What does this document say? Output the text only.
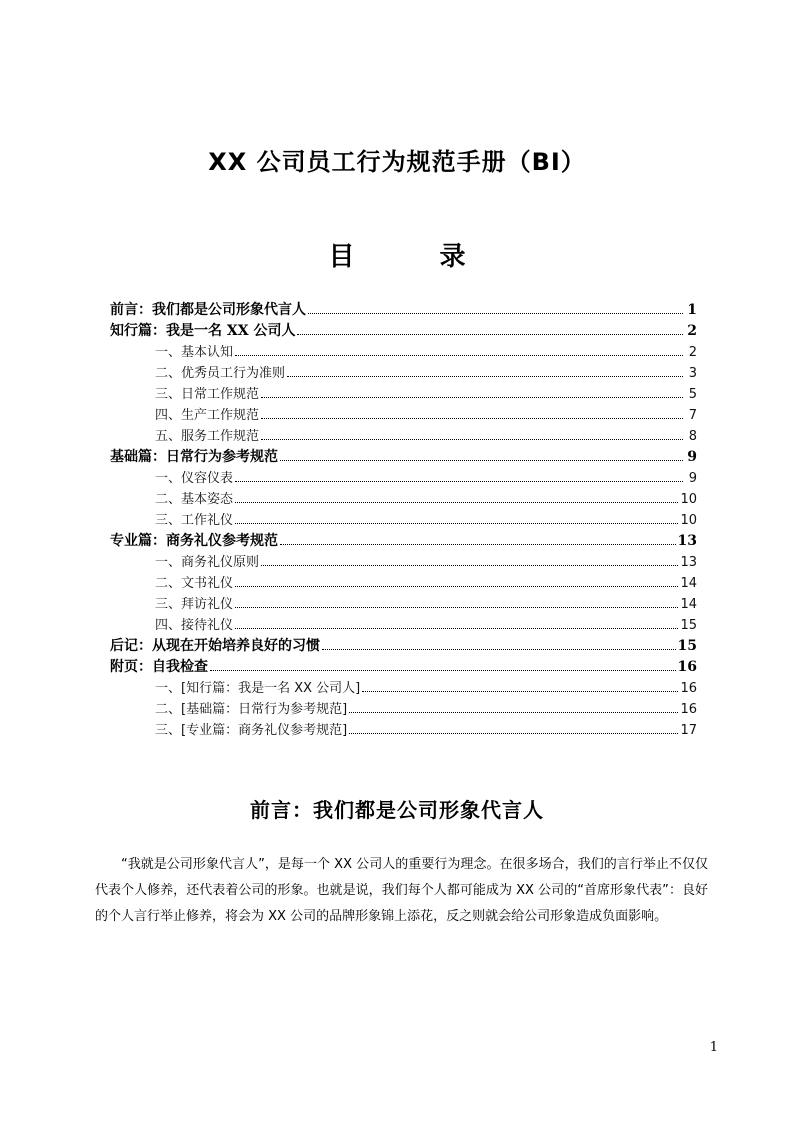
XX 公司员工行为规范手册（BI）
目 录
前言：我们都是公司形象代言人	1
知行篇：我是一名 XX 公司人	2
一、 基本认知	2
二、 优秀员工行为准则	3
三、 日常工作规范	5
四、 生产工作规范	7
五、 服务工作规范	8
基础篇：日常行为参考规范	9
一、 仪容仪表	9
二、 基本姿态	10
三、 工作礼仪	10
专业篇：商务礼仪参考规范	13
一、 商务礼仪原则	13
二、 文书礼仪	14
三、 拜访礼仪	14
四、 接待礼仪	15
后记：从现在开始培养良好的习惯	15
附页：自我检查	16
一、 [知行篇：我是一名 XX 公司人]	16
二、 [基础篇：日常行为参考规范]	16
三、 [专业篇：商务礼仪参考规范]	17
前言：我们都是公司形象代言人

“我就是公司形象代言人”，是每一个 XX 公司人的重要行为理念。在很多场合，我们的言行举止不仅仅代表个人修养，还代表着公司的形象。也就是说，我们每个人都可能成为 XX 公司的“首席形象代表”：良好的个人言行举止修养，将会为 XX 公司的品牌形象锦上添花，反之则就会给公司形象造成负面影响。

1
